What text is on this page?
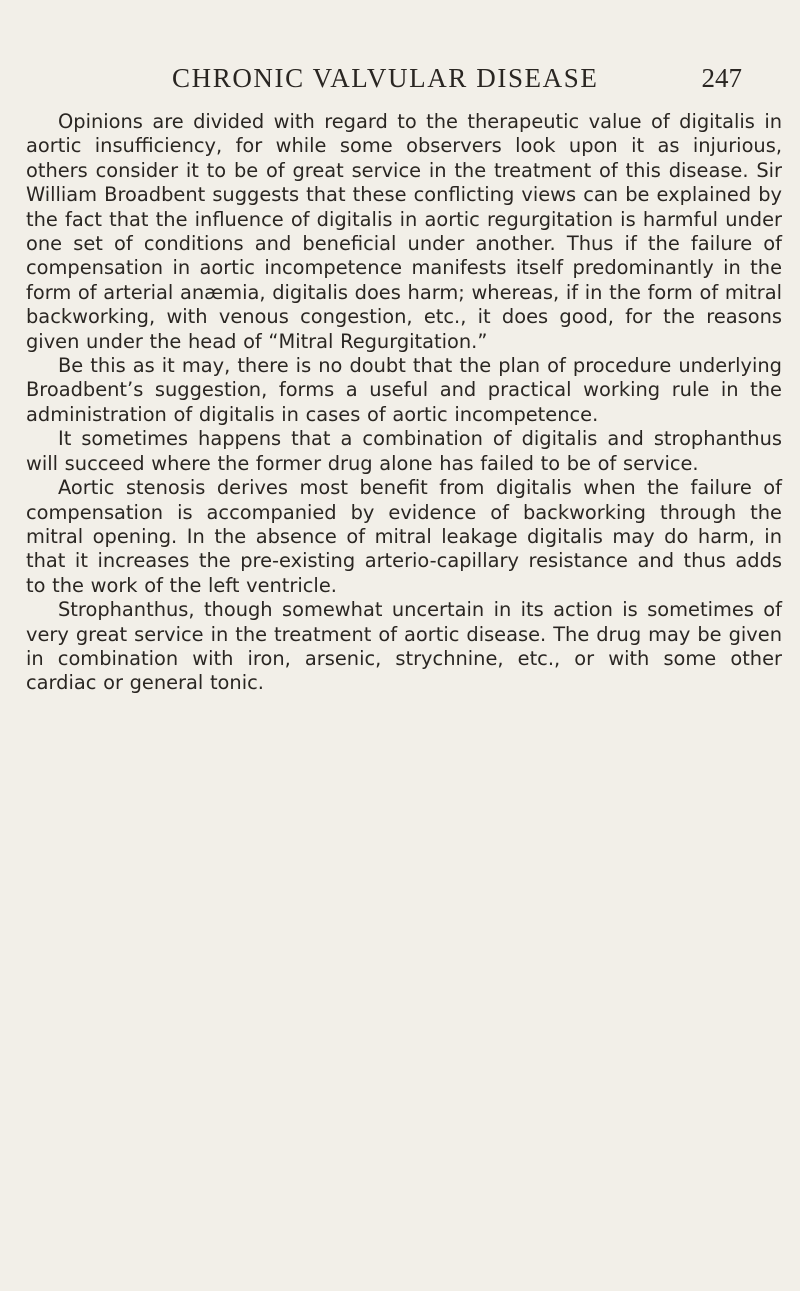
CHRONIC VALVULAR DISEASE	247

Opinions are divided with regard to the therapeutic value of digitalis in aortic insufficiency, for while some observers look upon it as injurious, others consider it to be of great service in the treatment of this disease. Sir William Broadbent suggests that these conflicting views can be explained by the fact that the influence of digitalis in aortic regurgitation is harmful under one set of conditions and beneficial under another. Thus if the failure of compensation in aortic incompetence manifests itself predominantly in the form of arterial anæmia, digitalis does harm; whereas, if in the form of mitral backworking, with venous congestion, etc., it does good, for the reasons given under the head of “Mitral Regurgitation.”

Be this as it may, there is no doubt that the plan of procedure underlying Broadbent’s suggestion, forms a useful and practical working rule in the administration of digitalis in cases of aortic incompetence.

It sometimes happens that a combination of digitalis and strophanthus will succeed where the former drug alone has failed to be of service.

Aortic stenosis derives most benefit from digitalis when the failure of compensation is accompanied by evidence of backworking through the mitral opening. In the absence of mitral leakage digitalis may do harm, in that it increases the pre-existing arterio-capillary resistance and thus adds to the work of the left ventricle.

Strophanthus, though somewhat uncertain in its action is sometimes of very great service in the treatment of aortic disease. The drug may be given in combination with iron, arsenic, strychnine, etc., or with some other cardiac or general tonic.
